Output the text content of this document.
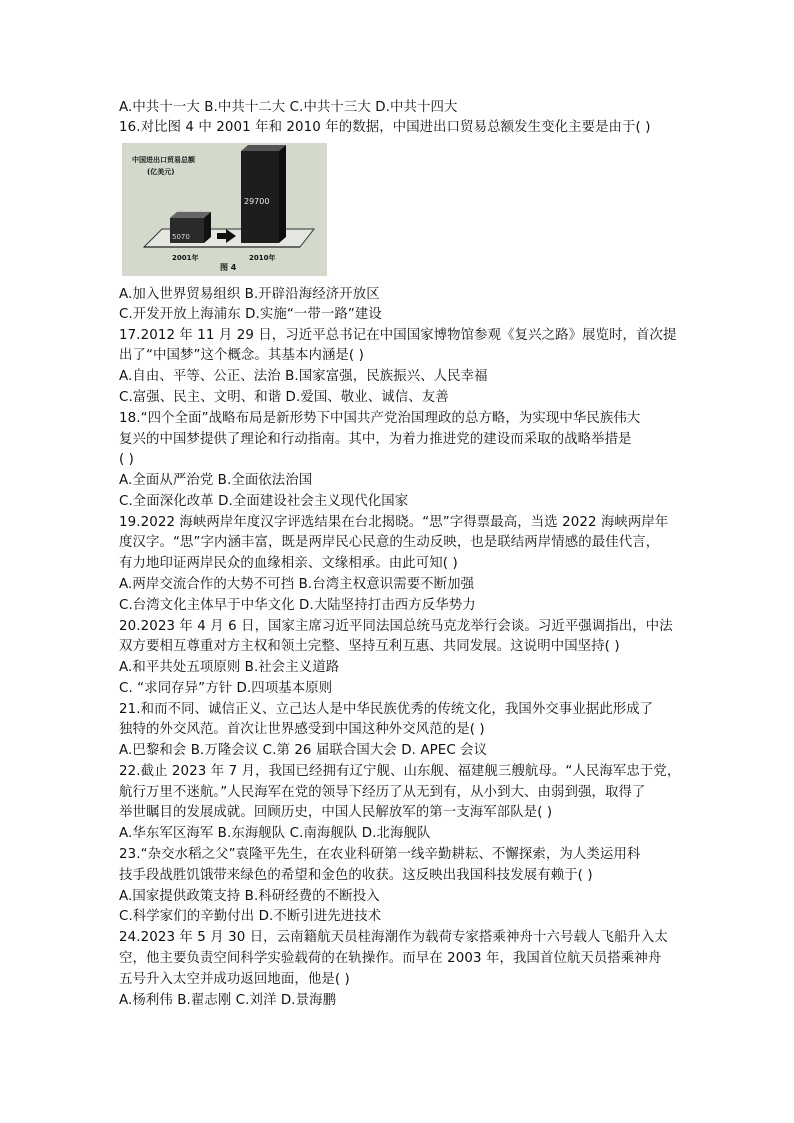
A.中共十一大 B.中共十二大 C.中共十三大 D.中共十四大
16.对比图 4 中 2001 年和 2010 年的数据，中国进出口贸易总额发生变化主要是由于( )
中国进出口贸易总额
(亿美元)
5070
29700
2001年	2010年
图 4
A.加入世界贸易组织 B.开辟沿海经济开放区
C.开发开放上海浦东 D.实施“一带一路”建设
17.2012 年 11 月 29 日，习近平总书记在中国国家博物馆参观《复兴之路》展览时，首次提
出了“中国梦”这个概念。其基本内涵是( )
A.自由、平等、公正、法治 B.国家富强，民族振兴、人民幸福
C.富强、民主、文明、和谐 D.爱国、敬业、诚信、友善
18.“四个全面”战略布局是新形势下中国共产党治国理政的总方略，为实现中华民族伟大
复兴的中国梦提供了理论和行动指南。其中，为着力推进党的建设而采取的战略举措是
( )
A.全面从严治党 B.全面依法治国
C.全面深化改革 D.全面建设社会主义现代化国家
19.2022 海峡两岸年度汉字评选结果在台北揭晓。“思”字得票最高，当选 2022 海峡两岸年
度汉字。“思”字内涵丰富，既是两岸民心民意的生动反映，也是联结两岸情感的最佳代言，
有力地印证两岸民众的血缘相亲、文缘相承。由此可知( )
A.两岸交流合作的大势不可挡 B.台湾主权意识需要不断加强
C.台湾文化主体早于中华文化 D.大陆坚持打击西方反华势力
20.2023 年 4 月 6 日，国家主席习近平同法国总统马克龙举行会谈。习近平强调指出，中法
双方要相互尊重对方主权和领土完整、坚持互利互惠、共同发展。这说明中国坚持( )
A.和平共处五项原则 B.社会主义道路
C. “求同存异”方针 D.四项基本原则
21.和而不同、诚信正义、立己达人是中华民族优秀的传统文化，我国外交事业据此形成了
独特的外交风范。首次让世界感受到中国这种外交风范的是( )
A.巴黎和会 B.万隆会议 C.第 26 届联合国大会 D. APEC 会议
22.截止 2023 年 7 月，我国已经拥有辽宁舰、山东舰、福建舰三艘航母。“人民海军忠于党，
航行万里不迷航。”人民海军在党的领导下经历了从无到有，从小到大、由弱到强，取得了
举世瞩目的发展成就。回顾历史，中国人民解放军的第一支海军部队是( )
A.华东军区海军 B.东海舰队 C.南海舰队 D.北海舰队
23.“杂交水稻之父”袁隆平先生，在农业科研第一线辛勤耕耘、不懈探索，为人类运用科
技手段战胜饥饿带来绿色的希望和金色的收获。这反映出我国科技发展有赖于( )
A.国家提供政策支持 B.科研经费的不断投入
C.科学家们的辛勤付出 D.不断引进先进技术
24.2023 年 5 月 30 日，云南籍航天员桂海潮作为载荷专家搭乘神舟十六号载人飞船升入太
空，他主要负责空间科学实验载荷的在轨操作。而早在 2003 年，我国首位航天员搭乘神舟
五号升入太空并成功返回地面，他是( )
A.杨利伟 B.翟志刚 C.刘洋 D.景海鹏
